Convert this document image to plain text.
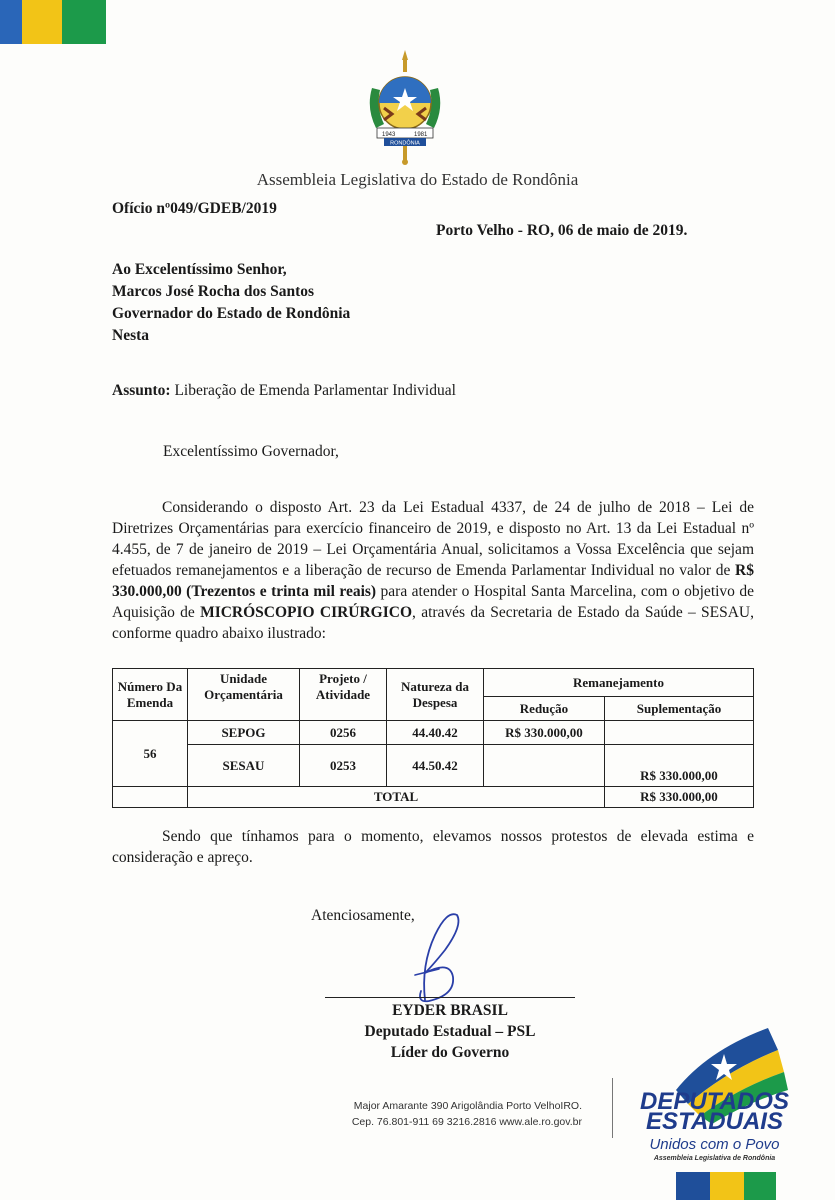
1943	1981
RONDÔNIA
Assembleia Legislativa do Estado de Rondônia
Ofício nº049/GDEB/2019
Porto Velho - RO, 06 de maio de 2019.
Ao Excelentíssimo Senhor,
Marcos José Rocha dos Santos
Governador do Estado de Rondônia
Nesta
Assunto: Liberação de Emenda Parlamentar Individual
Excelentíssimo Governador,
Considerando o disposto Art. 23 da Lei Estadual 4337, de 24 de julho de 2018 – Lei de Diretrizes Orçamentárias para exercício financeiro de 2019, e disposto no Art. 13 da Lei Estadual nº 4.455, de 7 de janeiro de 2019 – Lei Orçamentária Anual, solicitamos a Vossa Excelência que sejam efetuados remanejamentos e a liberação de recurso de Emenda Parlamentar Individual no valor de R$ 330.000,00 (Trezentos e trinta mil reais) para atender o Hospital Santa Marcelina, com o objetivo de Aquisição de MICRÓSCOPIO CIRÚRGICO, através da Secretaria de Estado da Saúde – SESAU, conforme quadro abaixo ilustrado:
Número Da Emenda	Unidade Orçamentária	Projeto / Atividade	Natureza da Despesa	Remanejamento	
				Redução	Suplementação
56	SEPOG	0256	44.40.42	R$ 330.000,00	
	SESAU	0253	44.50.42		R$ 330.000,00
	TOTAL				R$ 330.000,00
Sendo que tínhamos para o momento, elevamos nossos protestos de elevada estima e consideração e apreço.
Atenciosamente,
EYDER BRASIL
Deputado Estadual – PSL
Líder do Governo
Major Amarante 390 Arigolândia Porto VelhoIRO.
Cep. 76.801-911 69 3216.2816 www.ale.ro.gov.br
DEPUTADOS
ESTADUAIS
Unidos com o Povo
Assembleia Legislativa de Rondônia
